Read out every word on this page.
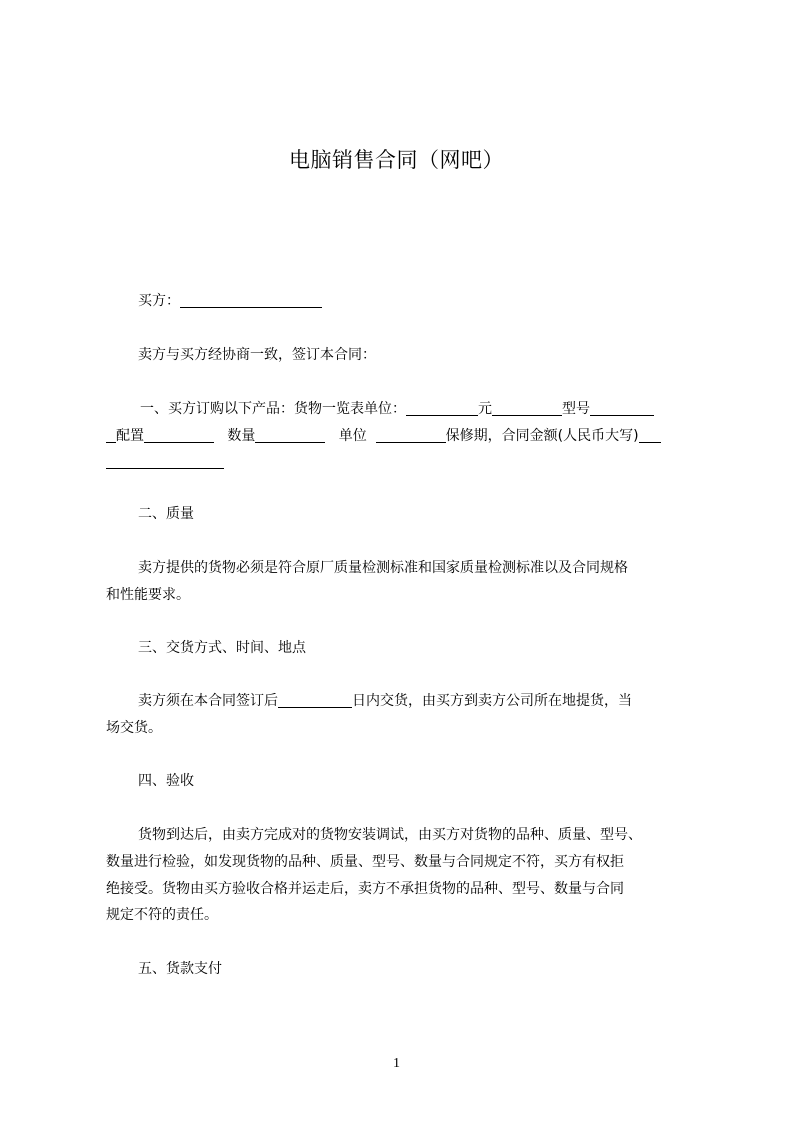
电脑销售合同（网吧）
买方：
卖方与买方经协商一致，签订本合同：
一、买方订购以下产品：货物一览表单位：	元	型号
配置	数量	单位	保修期，合同金额(人民币大写)
二、质量
卖方提供的货物必须是符合原厂质量检测标准和国家质量检测标准以及合同规格
和性能要求。
三、交货方式、时间、地点
卖方须在本合同签订后	日内交货，由买方到卖方公司所在地提货，当
场交货。
四、验收
货物到达后，由卖方完成对的货物安装调试，由买方对货物的品种、质量、型号、
数量进行检验，如发现货物的品种、质量、型号、数量与合同规定不符，买方有权拒
绝接受。货物由买方验收合格并运走后，卖方不承担货物的品种、型号、数量与合同
规定不符的责任。
五、货款支付
1
